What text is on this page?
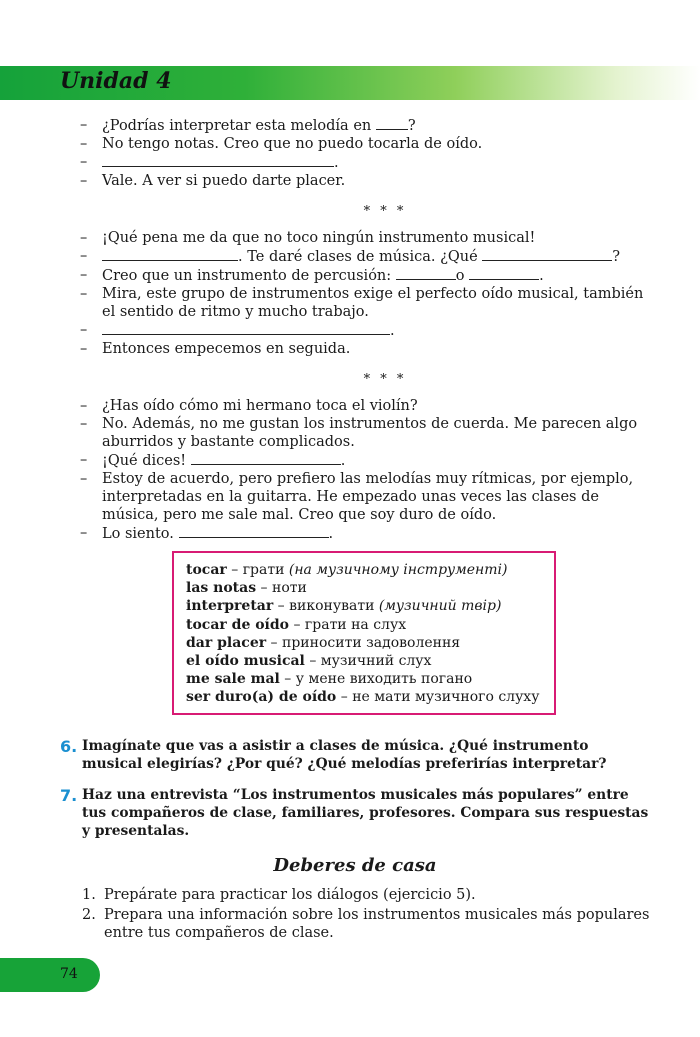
Unidad 4
–	¿Podrías interpretar esta melodía en ?
–	No tengo notas. Creo que no puedo tocarla de oído.
–	.
–	Vale. A ver si puedo darte placer.
* * *
–	¡Qué pena me da que no toco ningún instrumento musical!
–	. Te daré clases de música. ¿Qué	?
–	Creo que un instrumento de percusión:	o	.
–	Mira, este grupo de instrumentos exige el perfecto oído musical, también el sentido de ritmo y mucho trabajo.
–	.
–	Entonces empecemos en seguida.
* * *
–	¿Has oído cómo mi hermano toca el violín?
–	No. Además, no me gustan los instrumentos de cuerda. Me parecen algo aburridos y bastante complicados.
–	¡Qué dices!	.
–	Estoy de acuerdo, pero prefiero las melodías muy rítmicas, por ejemplo, interpretadas en la guitarra. He empezado unas veces las clases de música, pero me sale mal. Creo que soy duro de oído.
–	Lo siento.	.
tocar – грати (на музичному інструменті)
las notas – ноти
interpretar – виконувати (музичний твір)
tocar de oído – грати на слух
dar placer – приносити задоволення
el oído musical – музичний слух
me sale mal – у мене виходить погано
ser duro(a) de oído – не мати музичного слуху
6. Imagínate que vas a asistir a clases de música. ¿Qué instrumento musical elegirías? ¿Por qué? ¿Qué melodías preferirías interpretar?
7. Haz una entrevista “Los instrumentos musicales más populares” entre tus compañeros de clase, familiares, profesores. Compara sus respuestas y presentalas.
Deberes de casa
1. Prepárate para practicar los diálogos (ejercicio 5).
2. Prepara una información sobre los instrumentos musicales más populares entre tus compañeros de clase.
74
